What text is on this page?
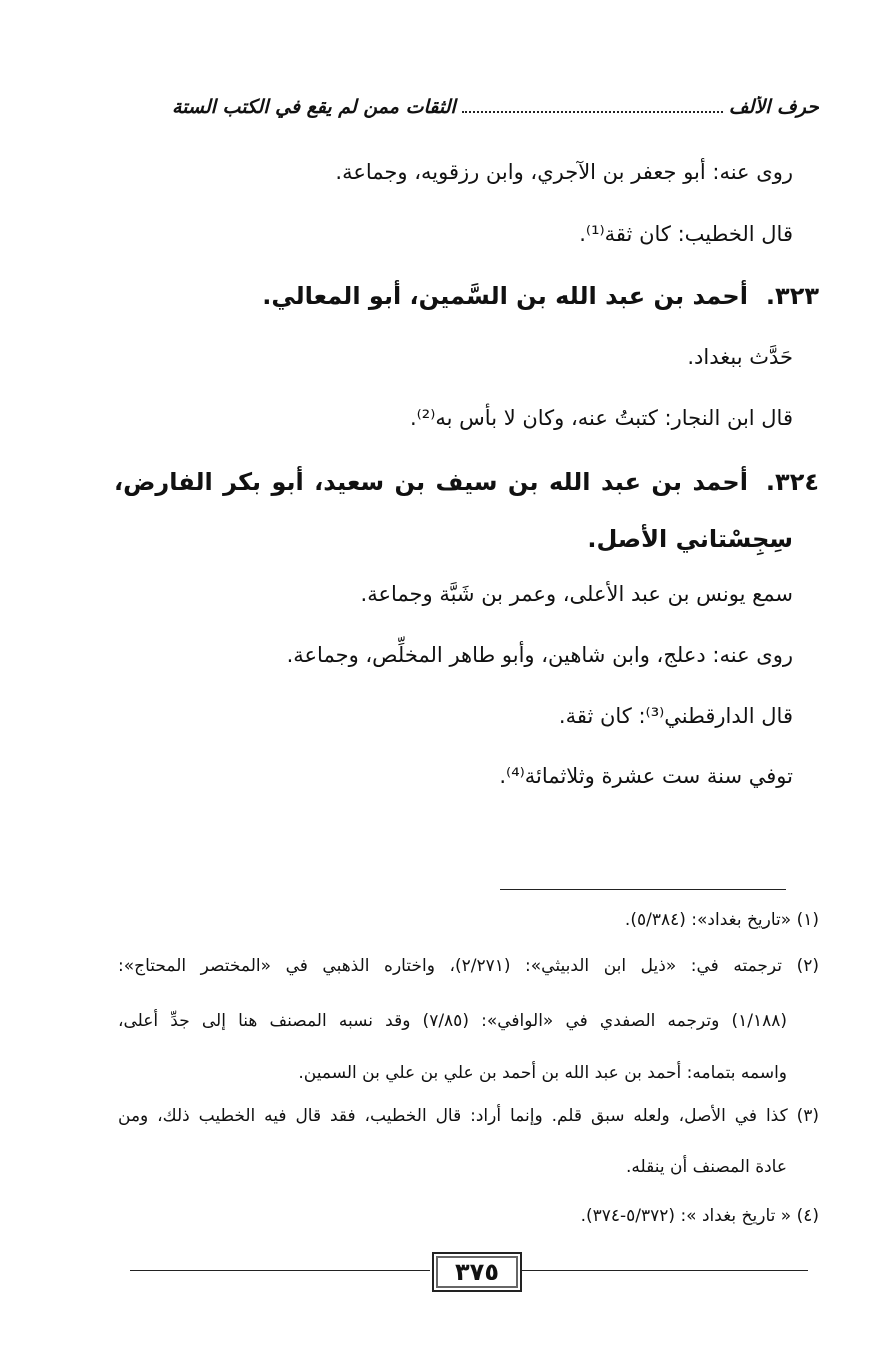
حرف الألف
الثقات ممن لم يقع في الكتب الستة
روى عنه: أبو جعفر بن الآجري، وابن رزقويه، وجماعة.
قال الخطيب: كان ثقة⁽¹⁾.
٣٢٣.أحمد بن عبد الله بن السَّمين، أبو المعالي.
حَدَّث ببغداد.
قال ابن النجار: كتبتُ عنه، وكان لا بأس به⁽²⁾.
٣٢٤.أحمد بن عبد الله بن سيف بن سعيد، أبو بكر الفارض،
سِجِسْتاني الأصل.
سمع يونس بن عبد الأعلى، وعمر بن شَبَّة وجماعة.
روى عنه: دعلج، وابن شاهين، وأبو طاهر المخلِّص، وجماعة.
قال الدارقطني⁽³⁾: كان ثقة.
توفي سنة ست عشرة وثلاثمائة⁽⁴⁾.
(١) «تاريخ بغداد»: (٥/٣٨٤).
(٢) ترجمته في: «ذيل ابن الدبيثي»: (٢/٢٧١)، واختاره الذهبي في «المختصر المحتاج»:
(١/١٨٨) وترجمه الصفدي في «الوافي»: (٧/٨٥) وقد نسبه المصنف هنا إلى جدِّ أعلى،
واسمه بتمامه: أحمد بن عبد الله بن أحمد بن علي بن علي بن السمين.
(٣) كذا في الأصل، ولعله سبق قلم. وإنما أراد: قال الخطيب، فقد قال فيه الخطيب ذلك، ومن
عادة المصنف أن ينقله.
(٤) « تاريخ بغداد »: (٥/٣٧٢-٣٧٤).
٣٧٥
